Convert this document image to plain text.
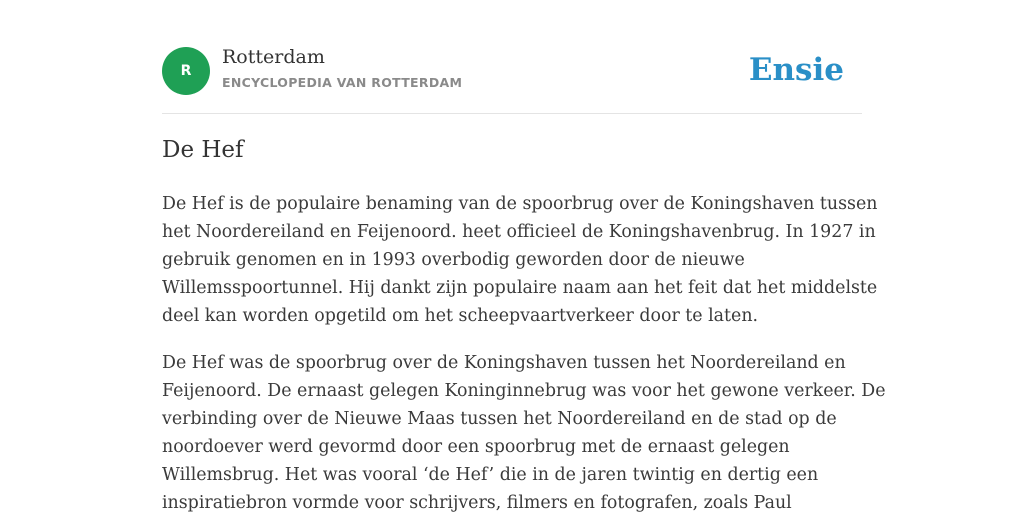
R
Rotterdam
ENCYCLOPEDIA VAN ROTTERDAM	Ensie
De Hef

De Hef is de populaire benaming van de spoorbrug over de Koningshaven tussen
het Noordereiland en Feijenoord. heet officieel de Koningshavenbrug. In 1927 in
gebruik genomen en in 1993 overbodig geworden door de nieuwe
Willemsspoortunnel. Hij dankt zijn populaire naam aan het feit dat het middelste
deel kan worden opgetild om het scheepvaartverkeer door te laten.

De Hef was de spoorbrug over de Koningshaven tussen het Noordereiland en
Feijenoord. De ernaast gelegen Koninginnebrug was voor het gewone verkeer. De
verbinding over de Nieuwe Maas tussen het Noordereiland en de stad op de
noordoever werd gevormd door een spoorbrug met de ernaast gelegen
Willemsbrug. Het was vooral ‘de Hef’ die in de jaren twintig en dertig een
inspiratiebron vormde voor schrijvers, filmers en fotografen, zoals Paul
